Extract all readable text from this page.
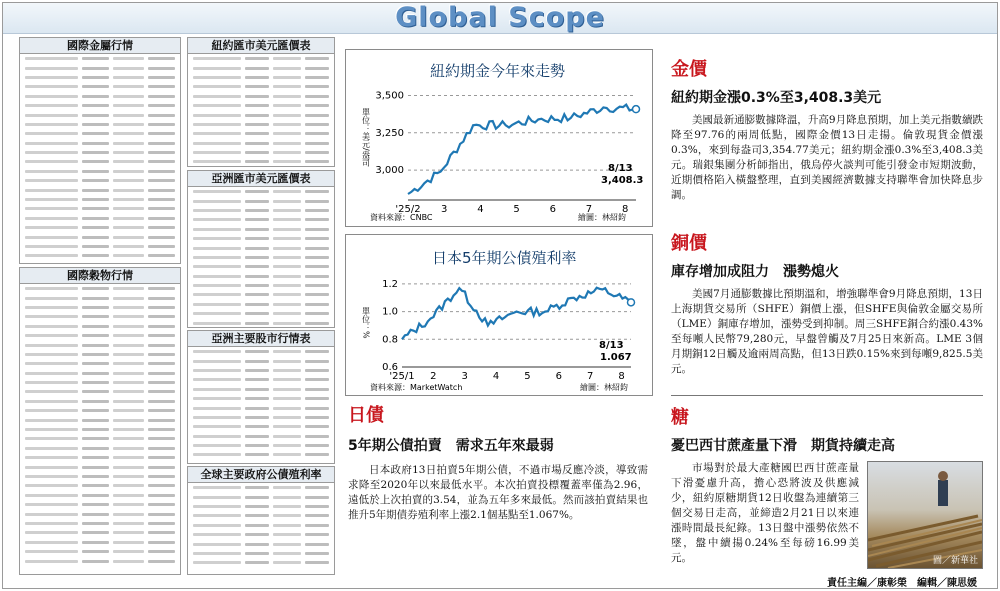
Global Scope
國際金屬行情
國際穀物行情
紐約匯市美元匯價表
亞洲匯市美元匯價表
亞洲主要股市行情表
全球主要政府公債殖利率
紐約期金今年來走勢
單位：美元/盎司
3,500
3,250
3,000
'25/2 3	4	5	6	7	8
8/13
3,408.3
資料來源：CNBC	繪圖：林紹鈞
日本5年期公債殖利率
單位：%
1.2
1.0
0.8
0.6
'25/1 2 3 4 5 6 7 8
8/13
1.067
資料來源：MarketWatch	繪圖：林紹鈞
日債
5年期公債拍賣　需求五年來最弱
日本政府13日拍賣5年期公債，不過市場反應冷淡，導致需求降至2020年以來最低水平。本次拍賣投標覆蓋率僅為2.96，遠低於上次拍賣的3.54，並為五年多來最低。然而該拍賣結果也推升5年期債券殖利率上漲2.1個基點至1.067%。
金價
紐約期金漲0.3%至3,408.3美元
美國最新通膨數據降溫，升高9月降息預期，加上美元指數續跌降至97.76的兩周低點，國際金價13日走揚。倫敦現貨金價漲0.3%，來到每盎司3,354.77美元；紐約期金漲0.3%至3,408.3美元。瑞銀集團分析師指出，俄烏停火談判可能引發金市短期波動，近期價格陷入橫盤整理，直到美國經濟數據支持聯準會加快降息步調。
銅價
庫存增加成阻力　漲勢熄火
美國7月通膨數據比預期溫和，增強聯準會9月降息預期，13日上海期貨交易所（SHFE）銅價上漲，但SHFE與倫敦金屬交易所（LME）銅庫存增加，漲勢受到抑制。周三SHFE銅合約漲0.43%至每噸人民幣79,280元，早盤曾觸及7月25日來新高。LME 3個月期銅12日觸及逾兩周高點，但13日跌0.15%來到每噸9,825.5美元。
糖
憂巴西甘蔗產量下滑　期貨持續走高
市場對於最大產糖國巴西甘蔗產量下滑憂慮升高，擔心恐將波及供應減少，紐約原糖期貨12日收盤為連續第三個交易日走高，並締造2月21日以來連漲時間最長紀錄。13日盤中漲勢依然不墜，盤中續揚0.24%至每磅16.99美元。	圖／新華社
責任主編／康彰榮　編輯／陳思媛
